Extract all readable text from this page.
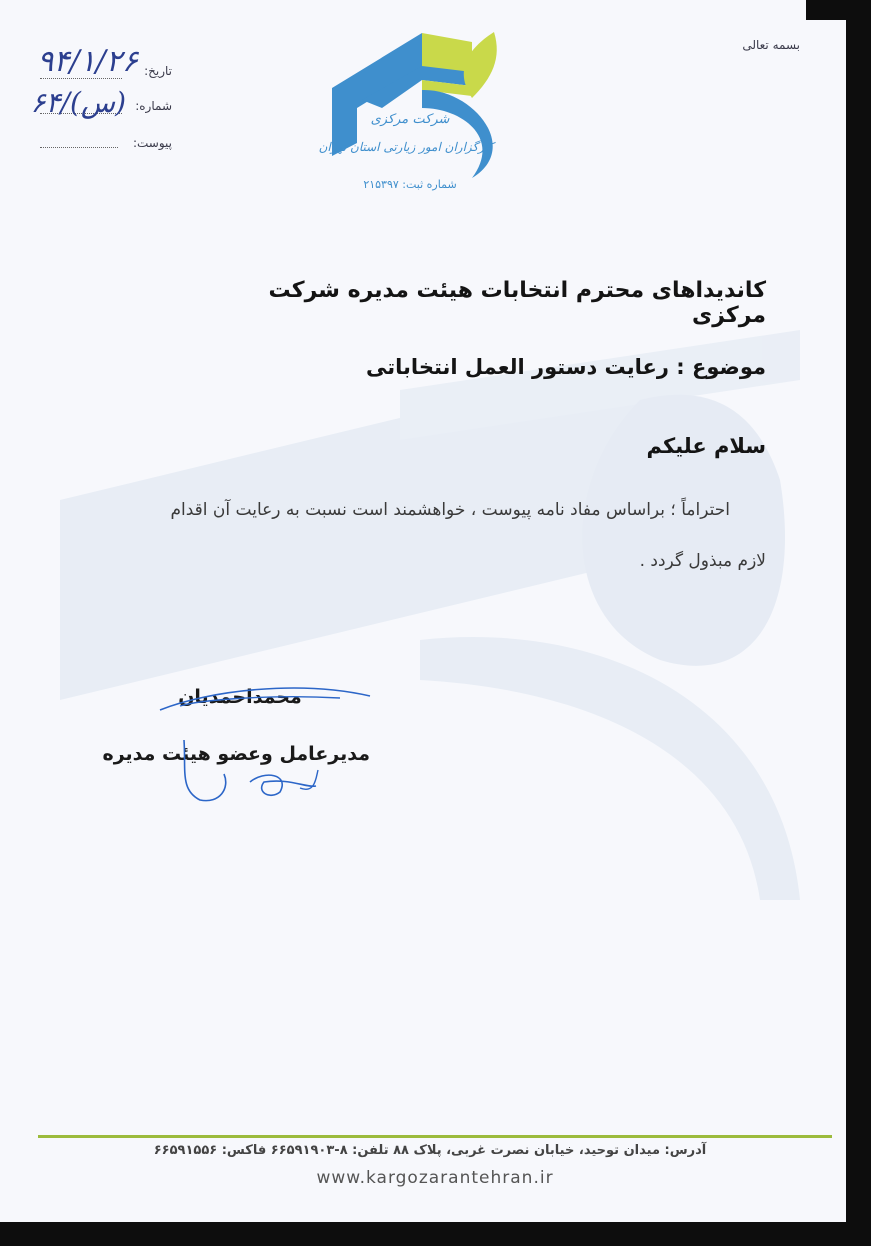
بسمه تعالی
تاریخ:
شماره:
پیوست:
۹۴/۱/۲۶
(س)/۶۴
شرکت مرکزی
کارگزاران امور زیارتی استان تهران
شماره ثبت: ۲۱۵۳۹۷
کاندیداهای محترم انتخابات هیئت مدیره شرکت مرکزی
موضوع : رعایت دستور العمل انتخاباتی
سلام علیکم
احتراماً ؛ براساس مفاد نامه پیوست ، خواهشمند است نسبت به رعایت آن اقدام
لازم مبذول گردد .
محمداحمدیان
مدیرعامل وعضو هیئت مدیره
آدرس: میدان توحید، خیابان نصرت غربی، پلاک ۸۸ تلفن: ۸-۶۶۵۹۱۹۰۳ فاکس: ۶۶۵۹۱۵۵۶
www.kargozarantehran.ir
